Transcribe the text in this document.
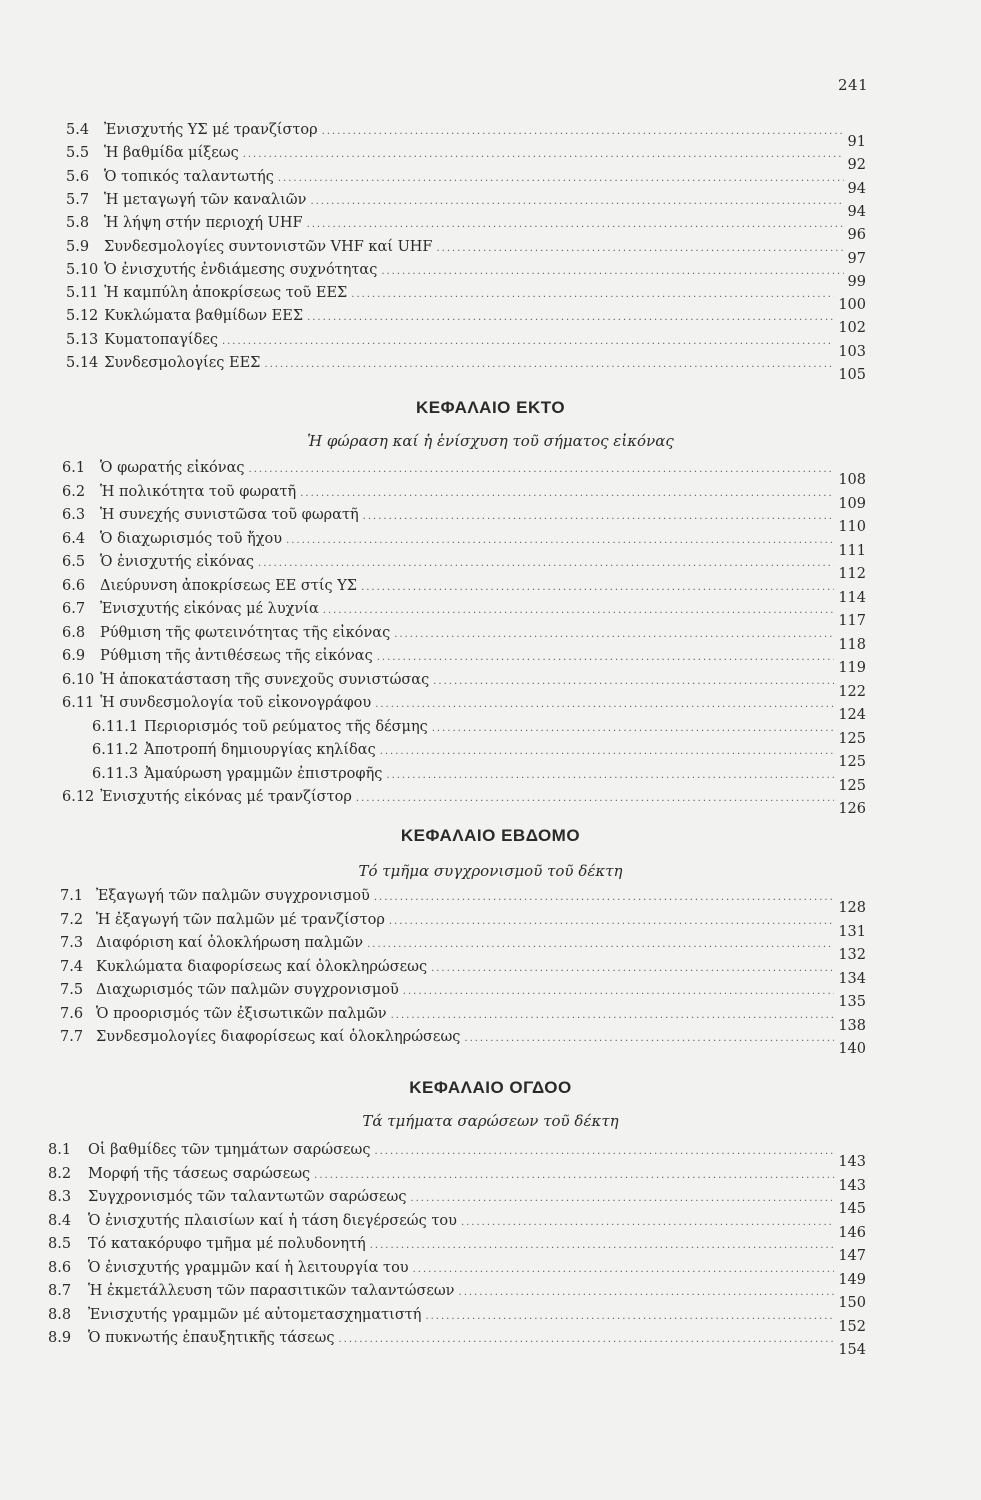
241
5.4	Ἐνισχυτής ΥΣ μέ τρανζίστορ
.....
91
5.5	Ἡ βαθμίδα μίξεως
.....
92
5.6	Ὁ τοπικός ταλαντωτής
.....
94
5.7	Ἡ μεταγωγή τῶν καναλιῶν
.....
94
5.8	Ἡ λήψη στήν περιοχή UHF
.....
96
5.9	Συνδεσμολογίες συντονιστῶν VHF καί UHF
.....
97
5.10 Ὁ ἐνισχυτής ἐνδιάμεσης συχνότητας
.....
99
5.11 Ἡ καμπύλη ἀποκρίσεως τοῦ ΕΕΣ
.....
100
5.12 Κυκλώματα βαθμίδων ΕΕΣ
.....
102
5.13 Κυματοπαγίδες
.....
103
5.14 Συνδεσμολογίες ΕΕΣ
.....
105
ΚΕΦΑΛΑΙΟ ΕΚΤΟ
Ἡ φώραση καί ἡ ἐνίσχυση τοῦ σήματος εἰκόνας
6.1	Ὁ φωρατής εἰκόνας
.....
108
6.2	Ἡ πολικότητα τοῦ φωρατῆ
.....
109
6.3	Ἡ συνεχής συνιστῶσα τοῦ φωρατῆ
.....
110
6.4	Ὁ διαχωρισμός τοῦ ἤχου
.....
111
6.5	Ὁ ἐνισχυτής εἰκόνας
.....
112
6.6	Διεύρυνση ἀποκρίσεως ΕΕ στίς ΥΣ
.....
114
6.7	Ἐνισχυτής εἰκόνας μέ λυχνία
.....
117
6.8	Ρύθμιση τῆς φωτεινότητας τῆς εἰκόνας
.....
118
6.9	Ρύθμιση τῆς ἀντιθέσεως τῆς εἰκόνας
.....
119
6.10 Ἡ ἀποκατάσταση τῆς συνεχοῦς συνιστώσας
.....
122
6.11 Ἡ συνδεσμολογία τοῦ εἰκονογράφου
.....
124
6.11.1 Περιορισμός τοῦ ρεύματος τῆς δέσμης
.....
125
6.11.2 Ἀποτροπή δημιουργίας κηλίδας
.....
125
6.11.3 Ἀμαύρωση γραμμῶν ἐπιστροφῆς
.....
125
6.12 Ἐνισχυτής εἰκόνας μέ τρανζίστορ
.....
126
ΚΕΦΑΛΑΙΟ ΕΒΔΟΜΟ
Τό τμῆμα συγχρονισμοῦ τοῦ δέκτη
7.1 Ἐξαγωγή τῶν παλμῶν συγχρονισμοῦ
.....
128
7.2 Ἡ ἐξαγωγή τῶν παλμῶν μέ τρανζίστορ
.....
131
7.3 Διαφόριση καί ὁλοκλήρωση παλμῶν
.....
132
7.4 Κυκλώματα διαφορίσεως καί ὁλοκληρώσεως
.....
134
7.5 Διαχωρισμός τῶν παλμῶν συγχρονισμοῦ
.....
135
7.6 Ὁ προορισμός τῶν ἐξισωτικῶν παλμῶν
.....
138
7.7 Συνδεσμολογίες διαφορίσεως καί ὁλοκληρώσεως
.....
140
ΚΕΦΑΛΑΙΟ ΟΓΔΟΟ
Τά τμήματα σαρώσεων τοῦ δέκτη
8.1	Οἱ βαθμίδες τῶν τμημάτων σαρώσεως
.....
143
8.2	Μορφή τῆς τάσεως σαρώσεως
.....
143
8.3	Συγχρονισμός τῶν ταλαντωτῶν σαρώσεως
.....
145
8.4	Ὁ ἐνισχυτής πλαισίων καί ἡ τάση διεγέρσεώς του
.....
146
8.5	Τό κατακόρυφο τμῆμα μέ πολυδονητή
.....
147
8.6	Ὁ ἐνισχυτής γραμμῶν καί ἡ λειτουργία του
.....
149
8.7	Ἡ ἐκμετάλλευση τῶν παρασιτικῶν ταλαντώσεων
.....
150
8.8	Ἐνισχυτής γραμμῶν μέ αὐτομετασχηματιστή
.....
152
8.9	Ὁ πυκνωτής ἐπαυξητικῆς τάσεως
.....
154
